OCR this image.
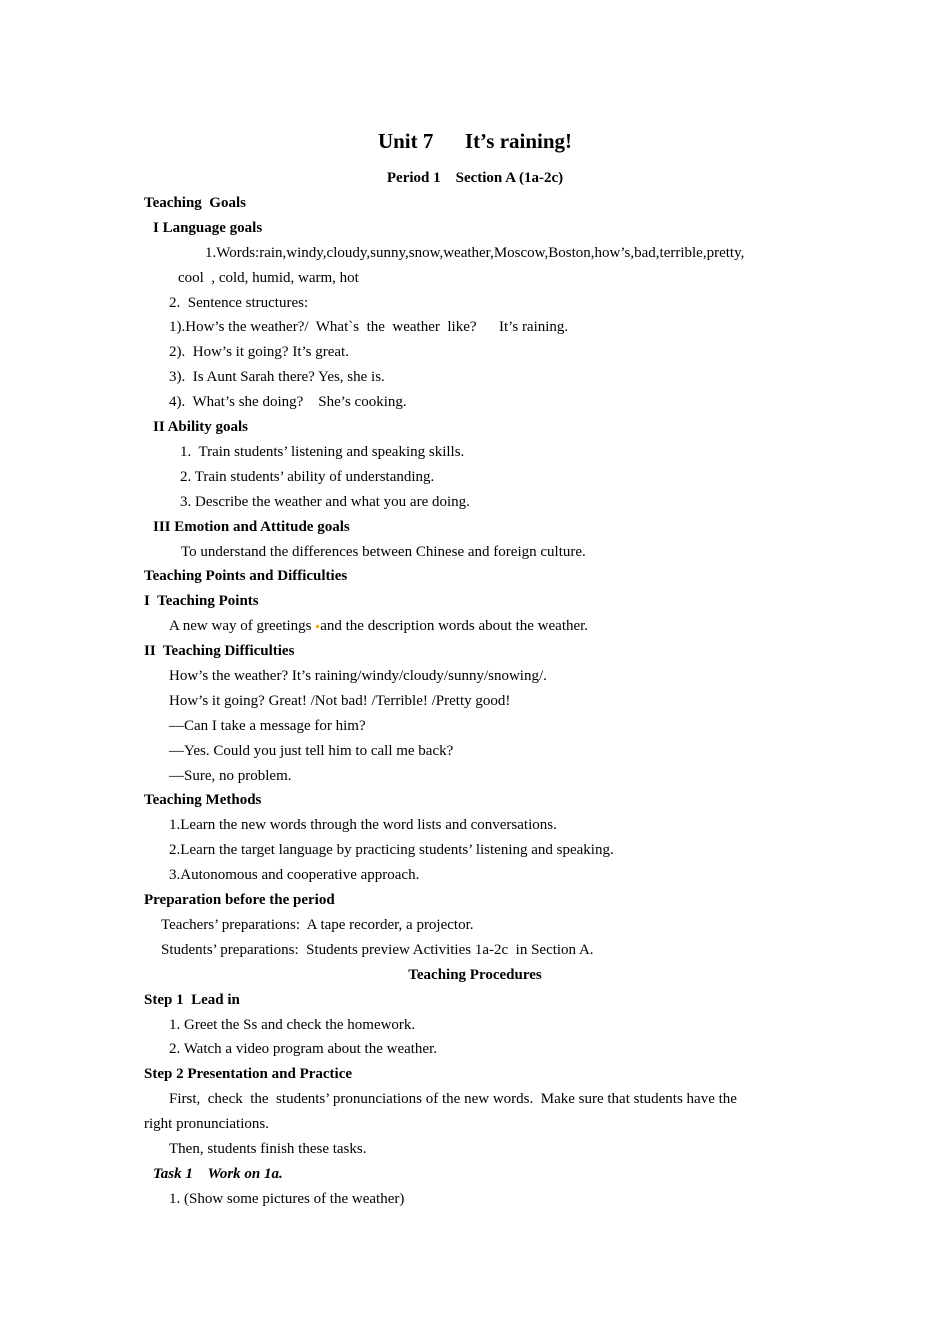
Unit 7 It’s raining!
Period 1    Section A (1a-2c)
Teaching  Goals
I Language goals
1.Words:rain,windy,cloudy,sunny,snow,weather,Moscow,Boston,how’s,bad,terrible,pretty,
cool  , cold, humid, warm, hot
2.  Sentence structures:
1).How’s the weather?/  What`s  the  weather  like?      It’s raining.
2).  How’s it going? It’s great.
3).  Is Aunt Sarah there? Yes, she is.
4).  What’s she doing?    She’s cooking.
II Ability goals
1.  Train students’ listening and speaking skills.
2. Train students’ ability of understanding.
3. Describe the weather and what you are doing.
III Emotion and Attitude goals
To understand the differences between Chinese and foreign culture.
Teaching Points and Difficulties
I  Teaching Points
A new way of greetings and the description words about the weather.
II  Teaching Difficulties
How’s the weather? It’s raining/windy/cloudy/sunny/snowing/.
How’s it going? Great! /Not bad! /Terrible! /Pretty good!
—Can I take a message for him?
—Yes. Could you just tell him to call me back?
—Sure, no problem.
Teaching Methods
1.Learn the new words through the word lists and conversations.
2.Learn the target language by practicing students’ listening and speaking.
3.Autonomous and cooperative approach.
Preparation before the period
Teachers’ preparations:  A tape recorder, a projector.
Students’ preparations:  Students preview Activities 1a-2c  in Section A.
Teaching Procedures
Step 1  Lead in
1. Greet the Ss and check the homework.
2. Watch a video program about the weather.
Step 2 Presentation and Practice
First,  check  the  students’ pronunciations of the new words.  Make sure that students have the
right pronunciations.
Then, students finish these tasks.
Task 1    Work on 1a.
1. (Show some pictures of the weather)
